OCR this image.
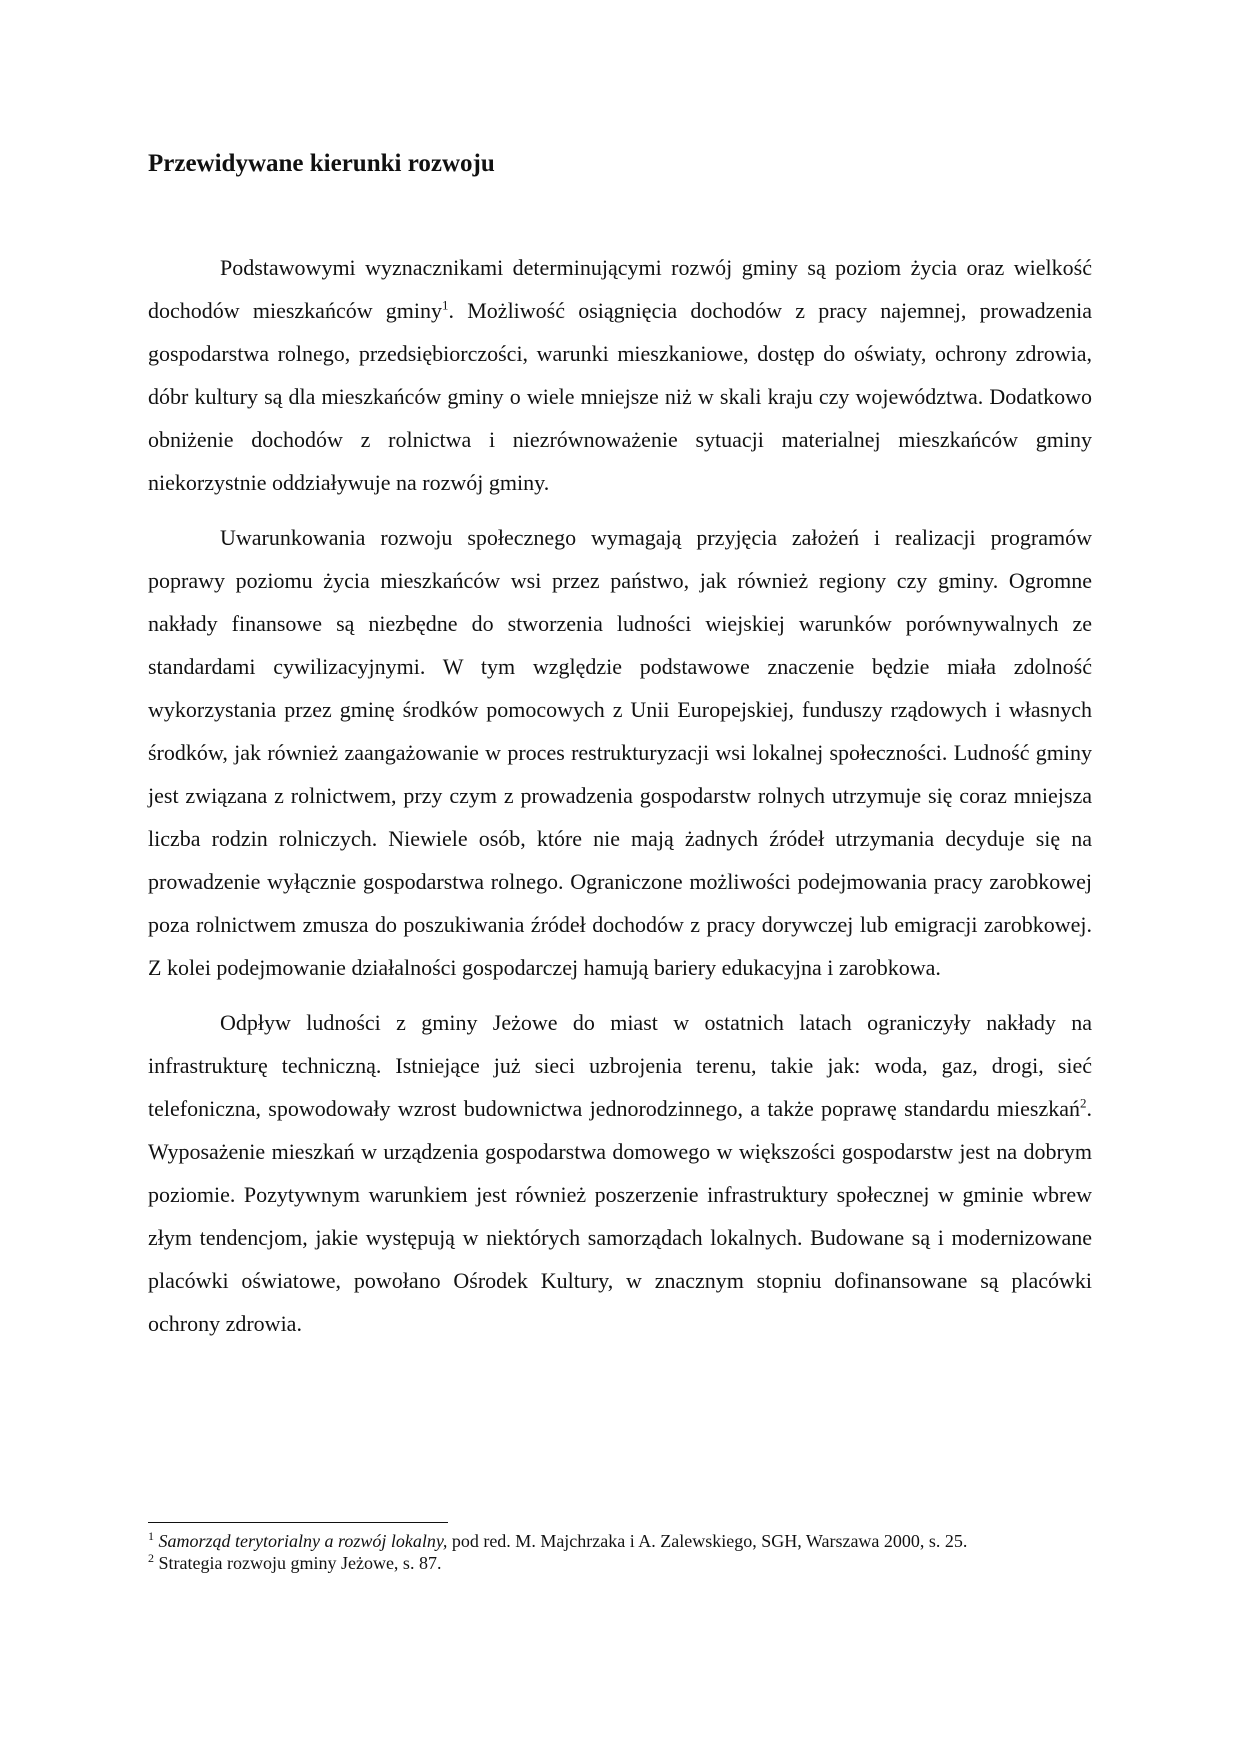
Przewidywane kierunki rozwoju

Podstawowymi wyznacznikami determinującymi rozwój gminy są poziom życia oraz wielkość dochodów mieszkańców gminy$^1$. Możliwość osiągnięcia dochodów z pracy najemnej, prowadzenia gospodarstwa rolnego, przedsiębiorczości, warunki mieszkaniowe, dostęp do oświaty, ochrony zdrowia, dóbr kultury są dla mieszkańców gminy o wiele mniejsze niż w skali kraju czy województwa. Dodatkowo obniżenie dochodów z rolnictwa i niezrównoważenie sytuacji materialnej mieszkańców gminy niekorzystnie oddziaływuje na rozwój gminy.

Uwarunkowania rozwoju społecznego wymagają przyjęcia założeń i realizacji programów poprawy poziomu życia mieszkańców wsi przez państwo, jak również regiony czy gminy. Ogromne nakłady finansowe są niezbędne do stworzenia ludności wiejskiej warunków porównywalnych ze standardami cywilizacyjnymi. W tym względzie podstawowe znaczenie będzie miała zdolność wykorzystania przez gminę środków pomocowych z Unii Europejskiej, funduszy rządowych i własnych środków, jak również zaangażowanie w proces restrukturyzacji wsi lokalnej społeczności. Ludność gminy jest związana z rolnictwem, przy czym z prowadzenia gospodarstw rolnych utrzymuje się coraz mniejsza liczba rodzin rolniczych. Niewiele osób, które nie mają żadnych źródeł utrzymania decyduje się na prowadzenie wyłącznie gospodarstwa rolnego. Ograniczone możliwości podejmowania pracy zarobkowej poza rolnictwem zmusza do poszukiwania źródeł dochodów z pracy dorywczej lub emigracji zarobkowej. Z kolei podejmowanie działalności gospodarczej hamują bariery edukacyjna i zarobkowa.

Odpływ ludności z gminy Jeżowe do miast w ostatnich latach ograniczyły nakłady na infrastrukturę techniczną. Istniejące już sieci uzbrojenia terenu, takie jak: woda, gaz, drogi, sieć telefoniczna, spowodowały wzrost budownictwa jednorodzinnego, a także poprawę standardu mieszkań$^2$. Wyposażenie mieszkań w urządzenia gospodarstwa domowego w większości gospodarstw jest na dobrym poziomie. Pozytywnym warunkiem jest również poszerzenie infrastruktury społecznej w gminie wbrew złym tendencjom, jakie występują w niektórych samorządach lokalnych. Budowane są i modernizowane placówki oświatowe, powołano Ośrodek Kultury, w znacznym stopniu dofinansowane są placówki ochrony zdrowia.

$^1$ Samorząd terytorialny a rozwój lokalny, pod red. M. Majchrzaka i A. Zalewskiego, SGH, Warszawa 2000, s. 25.

$^2$ Strategia rozwoju gminy Jeżowe, s. 87.
